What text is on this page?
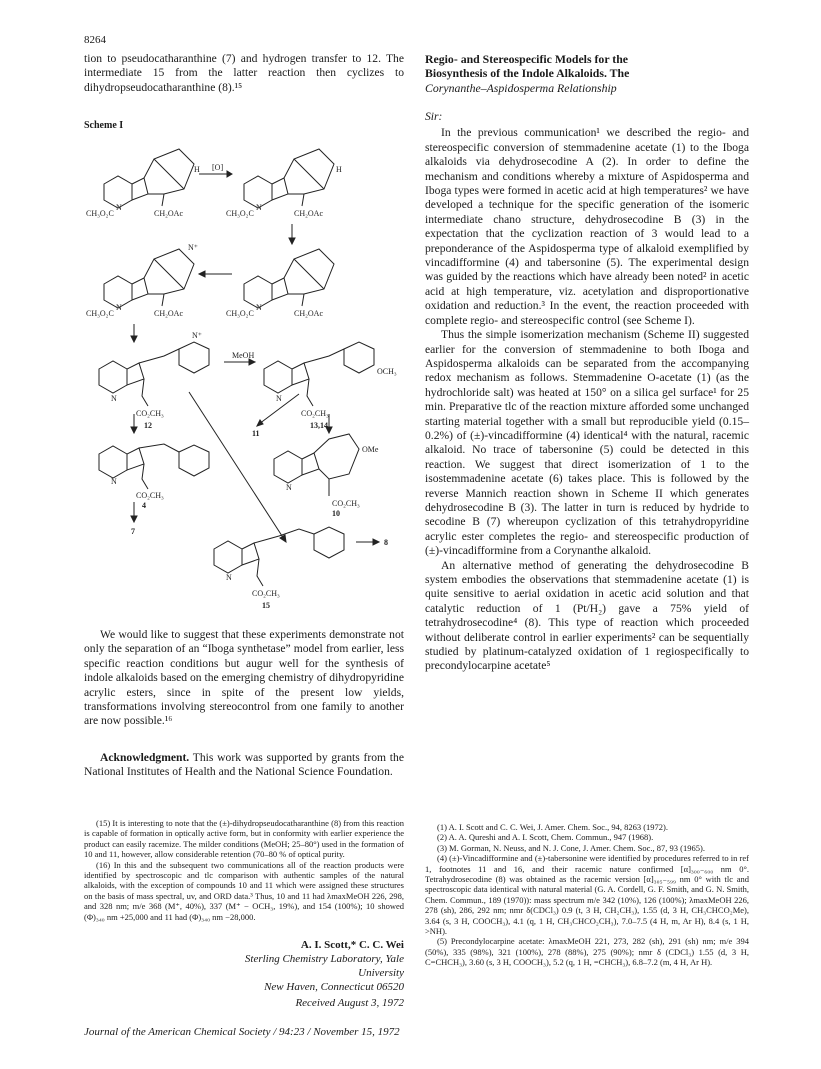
8264

tion to pseudocatharanthine (7) and hydrogen transfer to 12. The intermediate 15 from the latter reaction then cyclizes to dihydropseudocatharanthine (8).¹⁵

Scheme I
[O]
MeOH
N
CH₃O₂C	CH₂OAc
H
N
CH₃O₂C	CH₂OAc
H
N
CH₃O₂C	CH₂OAc
N⁺
N
CH₃O₂C	CH₂OAc
N
CO₂CH₃
N⁺
N
CO₂CH₃
OCH₃
N
CO₂CH₃
OMe
N
CO₂CH₃
N
CO₂CH₃
12	13,14
11
4
10
7
15
8

We would like to suggest that these experiments demonstrate not only the separation of an “Iboga synthetase” model from earlier, less specific reaction conditions but augur well for the synthesis of indole alkaloids based on the emerging chemistry of dihydropyridine acrylic esters, since in spite of the present low yields, transformations involving stereocontrol from one family to another are now possible.¹⁶

Acknowledgment. This work was supported by grants from the National Institutes of Health and the National Science Foundation.

(15) It is interesting to note that the (±)-dihydropseudocatharanthine (8) from this reaction is capable of formation in optically active form, but in conformity with earlier experience the product can easily racemize. The milder conditions (MeOH; 25–80°) used in the formation of 10 and 11, however, allow considerable retention (70–80 % of optical purity.

(16) In this and the subsequent two communications all of the reaction products were identified by spectroscopic and tlc comparison with authentic samples of the natural alkaloids, with the exception of compounds 10 and 11 which were assigned these structures on the basis of mass spectral, uv, and ORD data.³ Thus, 10 and 11 had λmaxMeOH 226, 298, and 328 nm; m/e 368 (M⁺, 40%), 337 (M⁺ − OCH₃, 19%), and 154 (100%); 10 showed (Φ)₃₄₀ nm +25,000 and 11 had (Φ)₃₄₀ nm −28,000.

A. I. Scott,* C. C. Wei
Sterling Chemistry Laboratory, Yale University
New Haven, Connecticut 06520
Received August 3, 1972
Regio- and Stereospecific Models for the
Biosynthesis of the Indole Alkaloids. The
Corynanthe–Aspidosperma Relationship

Sir:

In the previous communication¹ we described the regio- and stereospecific conversion of stemmadenine acetate (1) to the Iboga alkaloids via dehydrosecodine A (2). In order to define the mechanism and conditions whereby a mixture of Aspidosperma and Iboga types were formed in acetic acid at high temperatures² we have developed a technique for the specific generation of the isomeric intermediate chano structure, dehydrosecodine B (3) in the expectation that the cyclization reaction of 3 would lead to a preponderance of the Aspidosperma type of alkaloid exemplified by vincadifformine (4) and tabersonine (5). The experimental design was guided by the reactions which have already been noted² in acetic acid at high temperature, viz. acetylation and disproportionative oxidation and reduction.³ In the event, the reaction proceeded with complete regio- and stereospecific control (see Scheme I).

Thus the simple isomerization mechanism (Scheme II) suggested earlier for the conversion of stemmadenine to both Iboga and Aspidosperma alkaloids can be separated from the accompanying redox mechanism as follows. Stemmadenine O-acetate (1) (as the hydrochloride salt) was heated at 150° on a silica gel surface¹ for 25 min. Preparative tlc of the reaction mixture afforded some unchanged starting material together with a small but reproducible yield (0.15–0.2%) of (±)-vincadifformine (4) identical⁴ with the natural, racemic alkaloid. No trace of tabersonine (5) could be detected in this reaction. We suggest that direct isomerization of 1 to the isostemmadenine acetate (6) takes place. This is followed by the reverse Mannich reaction shown in Scheme II which generates dehydrosecodine B (3). The latter in turn is reduced by hydride to secodine B (7) whereupon cyclization of this tetrahydropyridine acrylic ester completes the regio- and stereospecific production of (±)-vincadifformine from a Corynanthe alkaloid.

An alternative method of generating the dehydrosecodine B system embodies the observations that stemmadenine acetate (1) is quite sensitive to aerial oxidation in acetic acid solution and that catalytic reduction of 1 (Pt/H₂) gave a 75% yield of tetrahydrosecodine⁴ (8). This type of reaction which proceeded without deliberate control in earlier experiments² can be sequentially studied by platinum-catalyzed oxidation of 1 regiospecifically to precondylocarpine acetate⁵

(1) A. I. Scott and C. C. Wei, J. Amer. Chem. Soc., 94, 8263 (1972).

(2) A. A. Qureshi and A. I. Scott, Chem. Commun., 947 (1968).

(3) M. Gorman, N. Neuss, and N. J. Cone, J. Amer. Chem. Soc., 87, 93 (1965).

(4) (±)-Vincadifformine and (±)-tabersonine were identified by procedures referred to in ref 1, footnotes 11 and 16, and their racemic nature confirmed [α]₃₀₀₋₆₀₀ nm 0°. Tetrahydrosecodine (8) was obtained as the racemic version [α]₃₀₅₋₅₉₉ nm 0° with tlc and spectroscopic data identical with natural material (G. A. Cordell, G. F. Smith, and G. N. Smith, Chem. Commun., 189 (1970)): mass spectrum m/e 342 (10%), 126 (100%); λmaxMeOH 226, 278 (sh), 286, 292 nm; nmr δ(CDCl₃) 0.9 (t, 3 H, CH₂CH₃), 1.55 (d, 3 H, CH₃CHCO₂Me), 3.64 (s, 3 H, COOCH₃), 4.1 (q, 1 H, CH₃CHCO₂CH₃), 7.0–7.5 (4 H, m, Ar H), 8.4 (s, 1 H, >NH).

(5) Precondylocarpine acetate: λmaxMeOH 221, 273, 282 (sh), 291 (sh) nm; m/e 394 (50%), 335 (98%), 321 (100%), 278 (88%), 275 (90%); nmr δ (CDCl₃) 1.55 (d, 3 H, C=CHCH₃), 3.60 (s, 3 H, COOCH₃), 5.2 (q, 1 H, =CHCH₃), 6.8–7.2 (m, 4 H, Ar H).

Journal of the American Chemical Society / 94:23 / November 15, 1972
